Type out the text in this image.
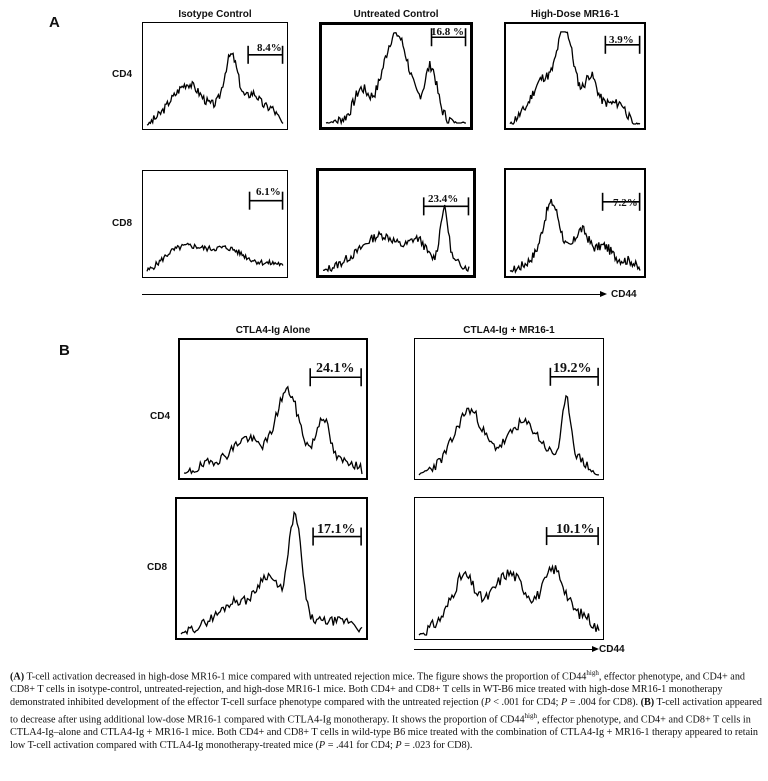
A
B
Isotype Control	Untreated Control	High-Dose MR16-1
CD4
CD8
8.4%
16.8 %
3.9%
6.1%
23.4%	7.2%
CD44
CTLA4-Ig Alone	CTLA4-Ig + MR16-1
CD4
CD8
24.1%	19.2%
17.1%	10.1%
CD44
(A) T-cell activation decreased in high-dose MR16-1 mice compared with untreated rejection mice. The figure shows the proportion of $CD44^{high}$, effector phenotype, and CD4+ and CD8+ T cells in isotype-control, untreated-rejection, and high-dose MR16-1 mice. Both CD4+ and CD8+ T cells in WT-B6 mice treated with high-dose MR16-1 monotherapy demonstrated inhibited development of the effector T-cell surface phenotype compared with the untreated rejection (P < .001 for CD4; P = .004 for CD8). (B) T-cell activation appeared to decrease after using additional low-dose MR16-1 compared with CTLA4-Ig monotherapy. It shows the proportion of $CD44^{high}$, effector phenotype, and CD4+ and CD8+ T cells in CTLA4-Ig–alone and CTLA4-Ig + MR16-1 mice. Both CD4+ and CD8+ T cells in wild-type B6 mice treated with the combination of CTLA4-Ig + MR16-1 therapy appeared to retain low T-cell activation compared with CTLA4-Ig monotherapy-treated mice (P = .441 for CD4; P = .023 for CD8).
